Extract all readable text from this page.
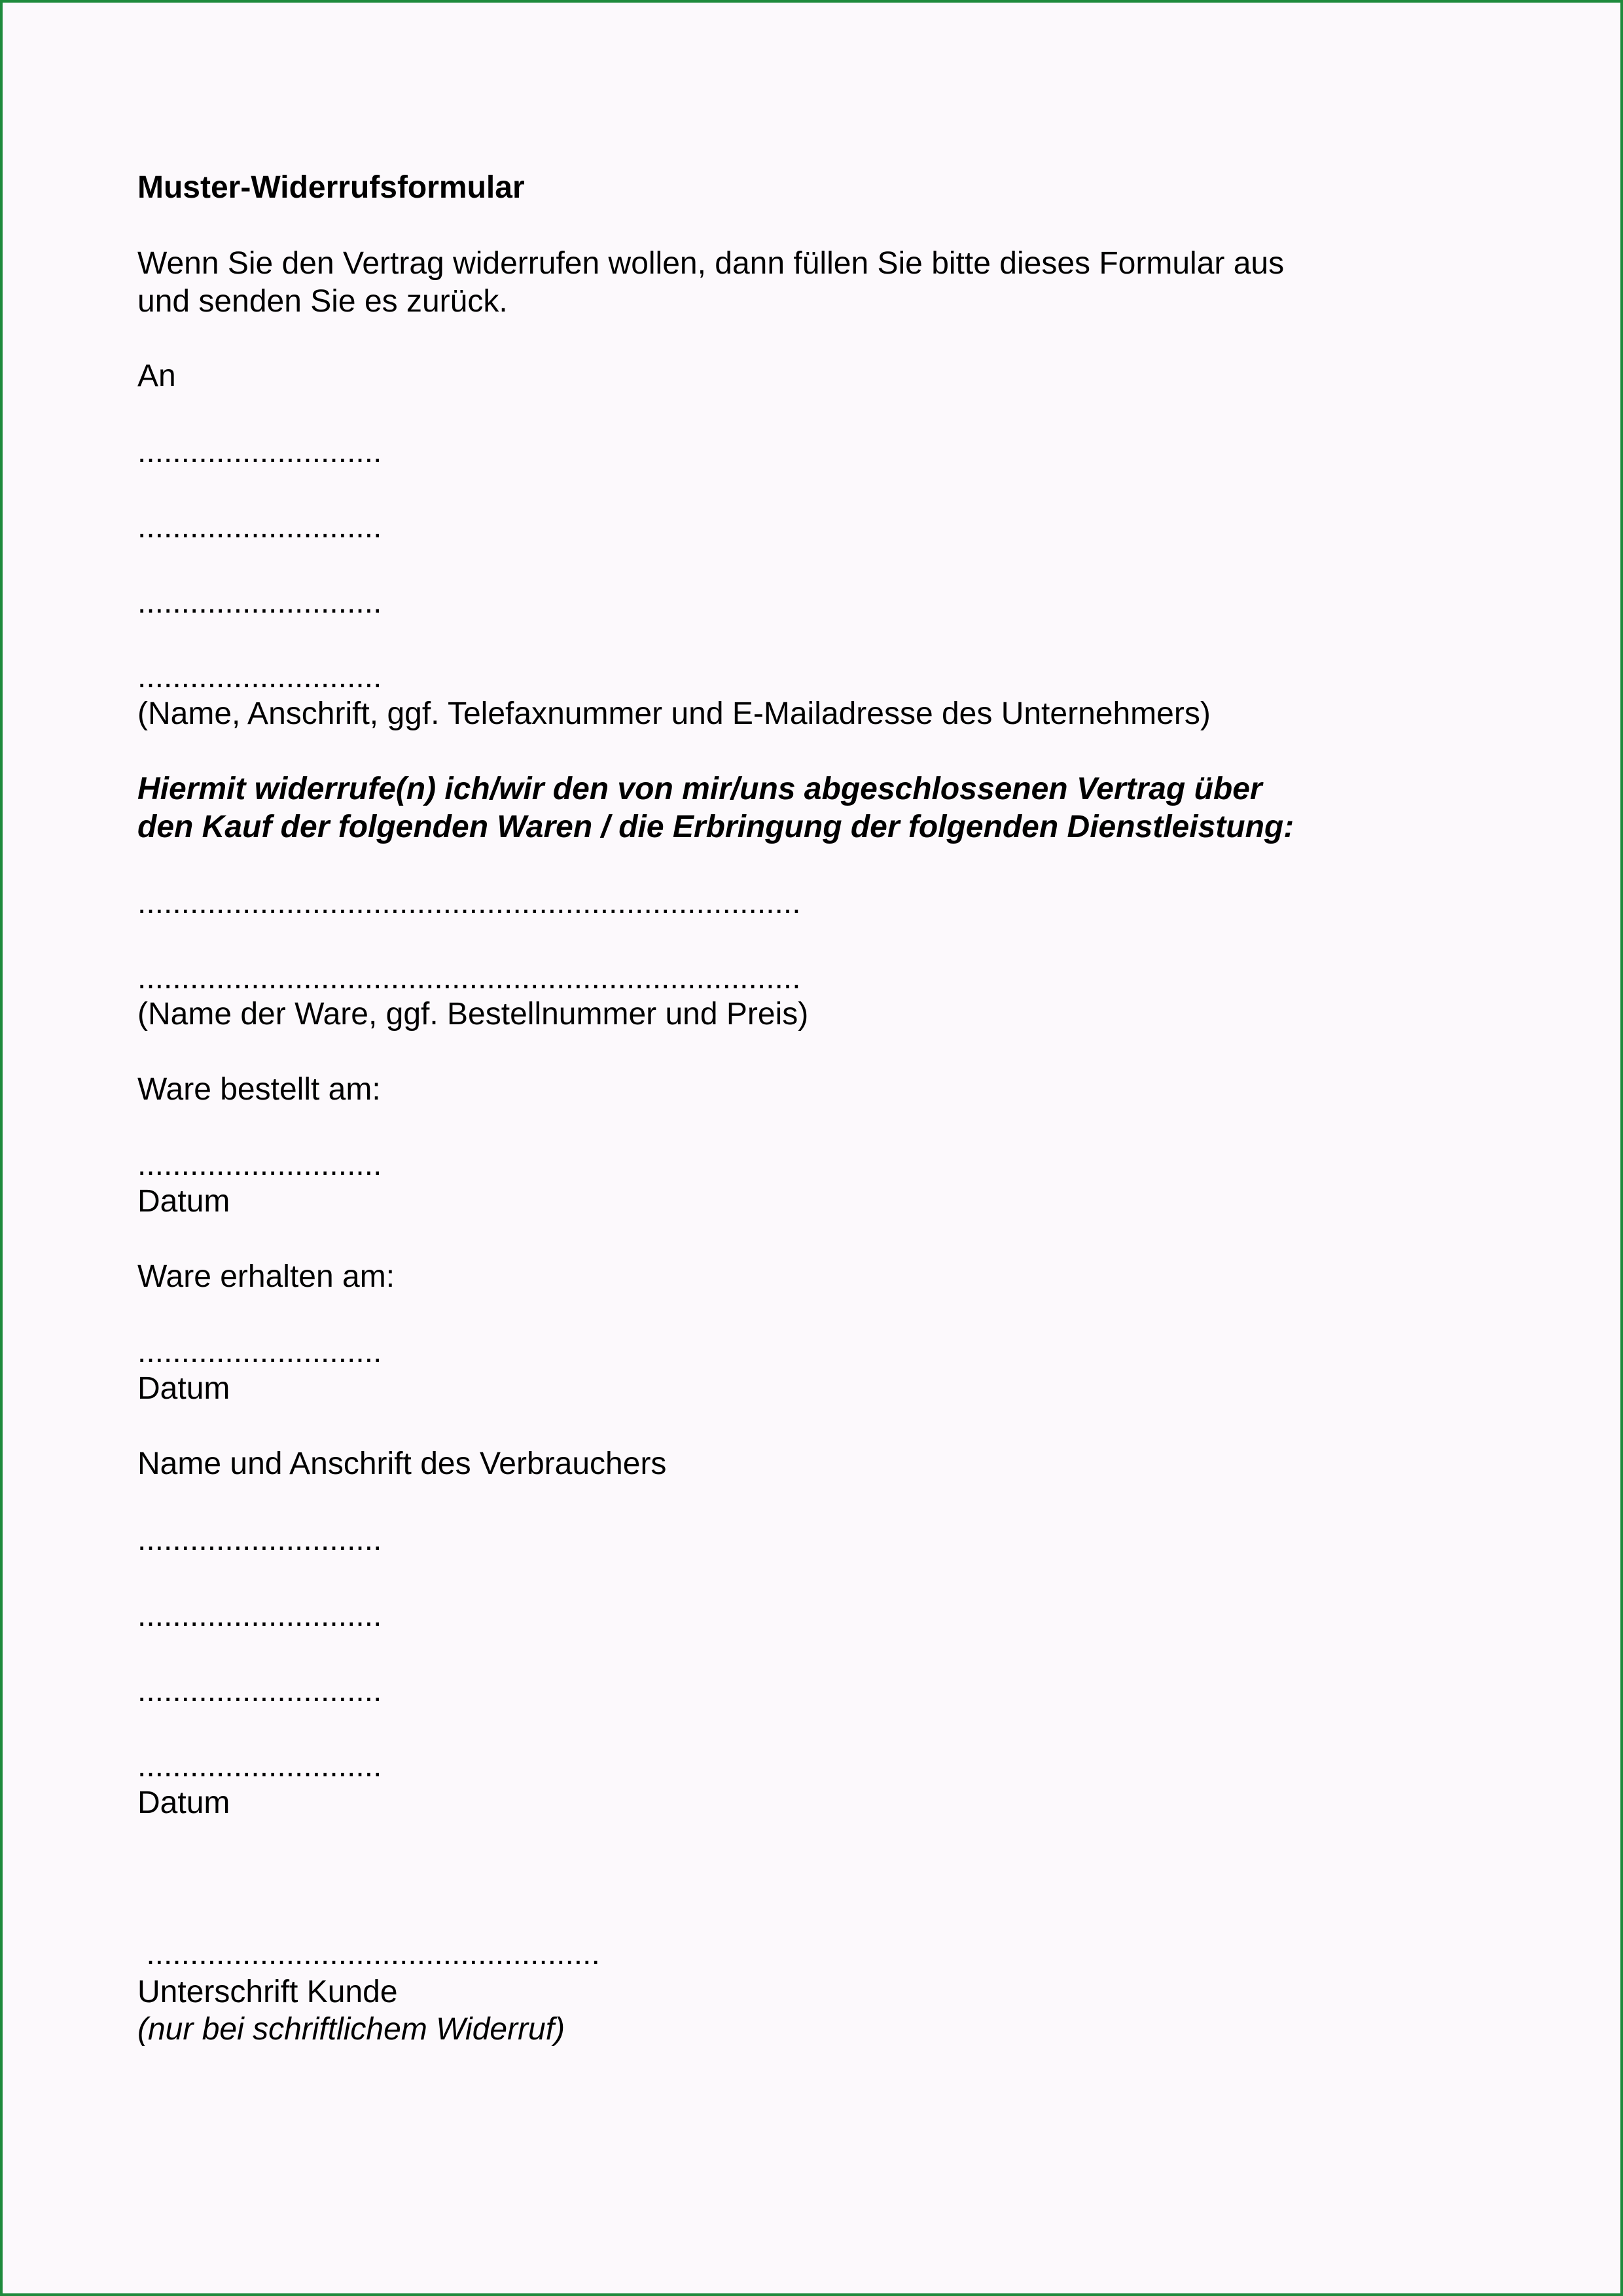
Muster-Widerrufsformular

Wenn Sie den Vertrag widerrufen wollen, dann füllen Sie bitte dieses Formular aus

und senden Sie es zurück.

An

............................

............................

............................

............................

(Name, Anschrift, ggf. Telefaxnummer und E-Mailadresse des Unternehmers)

Hiermit widerrufe(n) ich/wir den von mir/uns abgeschlossenen Vertrag über

den Kauf der folgenden Waren / die Erbringung der folgenden Dienstleistung:

............................................................................

............................................................................

(Name der Ware, ggf. Bestellnummer und Preis)

Ware bestellt am:

............................

Datum

Ware erhalten am:

............................

Datum

Name und Anschrift des Verbrauchers

............................

............................

............................

............................

Datum

....................................................

Unterschrift Kunde

(nur bei schriftlichem Widerruf)
